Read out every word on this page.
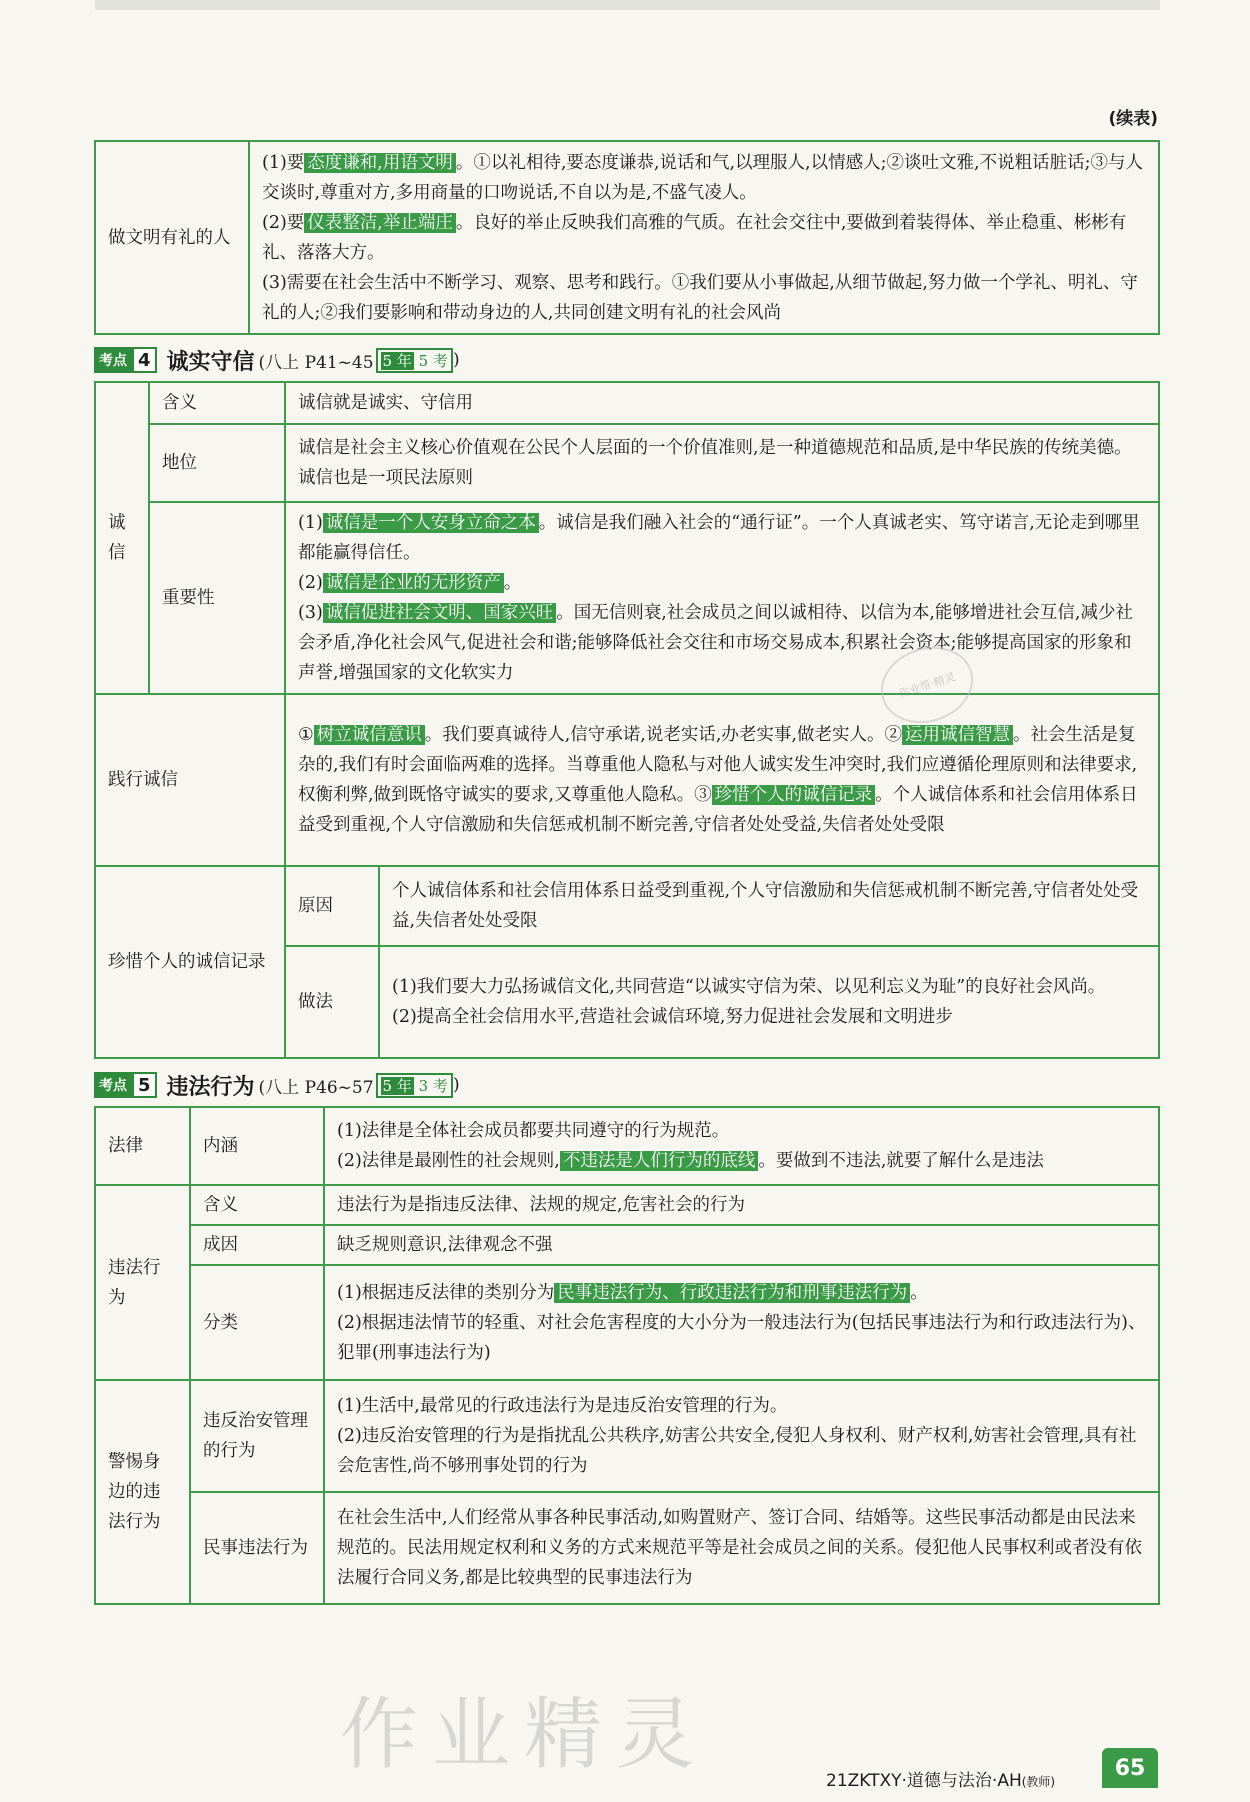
(续表)
做文明有礼的人	

(1)要 态度谦和,用语文明 。①以礼相待,要态度谦恭,说话和气,以理服人,以情感人;②谈吐文雅,不说粗话脏话;③与人交谈时,尊重对方,多用商量的口吻说话,不自以为是,不盛气凌人。

(2)要 仪表整洁,举止端庄 。良好的举止反映我们高雅的气质。在社会交往中,要做到着装得体、举止稳重、彬彬有礼、落落大方。

(3)需要在社会生活中不断学习、观察、思考和践行。①我们要从小事做起,从细节做起,努力做一个学礼、明礼、守礼的人;②我们要影响和带动身边的人,共同创建文明有礼的社会风尚

考点 4 诚实守信 (八上 P41~45 5 年 5 考 )
诚信	含义	诚信就是诚实、守信用	
	地位	诚信是社会主义核心价值观在公民个人层面的一个价值准则,是一种道德规范和品质,是中华民族的传统美德。诚信也是一项民法原则	
	重要性	(1) 诚信是一个人安身立命之本 。诚信是我们融入社会的“通行证”。一个人真诚老实、笃守诺言,无论走到哪里都能赢得信任。

(2) 诚信是企业的无形资产 。

(3) 诚信促进社会文明、国家兴旺 。国无信则衰,社会成员之间以诚相待、以信为本,能够增进社会互信,减少社会矛盾,净化社会风气,促进社会和谐;能够降低社会交往和市场交易成本,积累社会资本;能够提高国家的形象和声誉,增强国家的文化软实力	

践行诚信		① 树立诚信意识 。我们要真诚待人,信守承诺,说老实话,办老实事,做老实人。② 运用诚信智慧 。社会生活是复杂的,我们有时会面临两难的选择。当尊重他人隐私与对他人诚实发生冲突时,我们应遵循伦理原则和法律要求,权衡利弊,做到既恪守诚实的要求,又尊重他人隐私。③ 珍惜个人的诚信记录 。个人诚信体系和社会信用体系日益受到重视,个人守信激励和失信惩戒机制不断完善,守信者处处受益,失信者处处受限	

珍惜个人的诚信记录		原因	个人诚信体系和社会信用体系日益受到重视,个人守信激励和失信惩戒机制不断完善,守信者处处受益,失信者处处受限
		做法	(1)我们要大力弘扬诚信文化,共同营造“以诚实守信为荣、以见利忘义为耻”的良好社会风尚。

(2)提高全社会信用水平,营造社会诚信环境,努力促进社会发展和文明进步

考点 5 违法行为 (八上 P46~57 5 年 3 考 )
法律	内涵	(1)法律是全体社会成员都要共同遵守的行为规范。

(2)法律是最刚性的社会规则, 不违法是人们行为的底线 。要做到不违法,就要了解什么是违法

违法行为	含义	违法行为是指违反法律、法规的规定,危害社会的行为
	成因	缺乏规则意识,法律观念不强
	分类	(1)根据违反法律的类别分为 民事违法行为、行政违法行为和刑事违法行为 。

(2)根据违法情节的轻重、对社会危害程度的大小分为一般违法行为(包括民事违法行为和行政违法行为)、犯罪(刑事违法行为)

警惕身边的违法行为	违反治安管理的行为	(1)生活中,最常见的行政违法行为是违反治安管理的行为。

(2)违反治安管理的行为是指扰乱公共秩序,妨害公共安全,侵犯人身权利、财产权利,妨害社会管理,具有社会危害性,尚不够刑事处罚的行为

	民事违法行为	在社会生活中,人们经常从事各种民事活动,如购置财产、签订合同、结婚等。这些民事活动都是由民法来规范的。民法用规定权利和义务的方式来规范平等是社会成员之间的关系。侵犯他人民事权利或者没有依法履行合同义务,都是比较典型的民事违法行为
作业帮·精灵
作业精灵
21ZKTXY·道德与法治·AH(教师)
65
